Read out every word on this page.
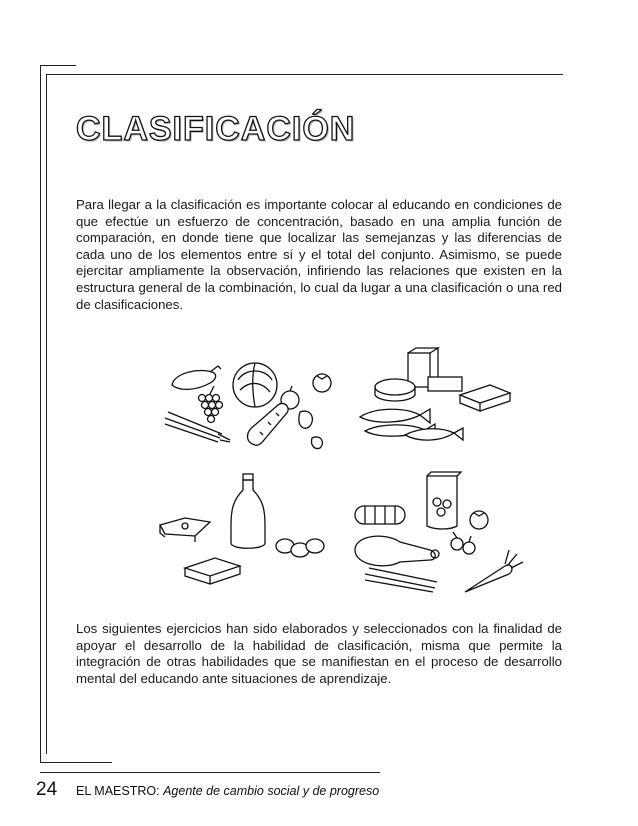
CLASIFICACIÓN

Para llegar a la clasificación es importante colocar al educando en condiciones de que efectúe un esfuerzo de concentración, basado en una amplia función de comparación, en donde tiene que localizar las semejanzas y las diferencias de cada uno de los elementos entre sí y el total del conjunto. Asimismo, se puede ejercitar ampliamente la observación, infiriendo las relaciones que existen en la estructura general de la combinación, lo cual da lugar a una clasificación o una red de clasificaciones.

Los siguientes ejercicios han sido elaborados y seleccionados con la finalidad de apoyar el desarrollo de la habilidad de clasificación, misma que permite la integración de otras habilidades que se manifiestan en el proceso de desarrollo mental del educando ante situaciones de aprendizaje.

24 EL MAESTRO: Agente de cambio social y de progreso
